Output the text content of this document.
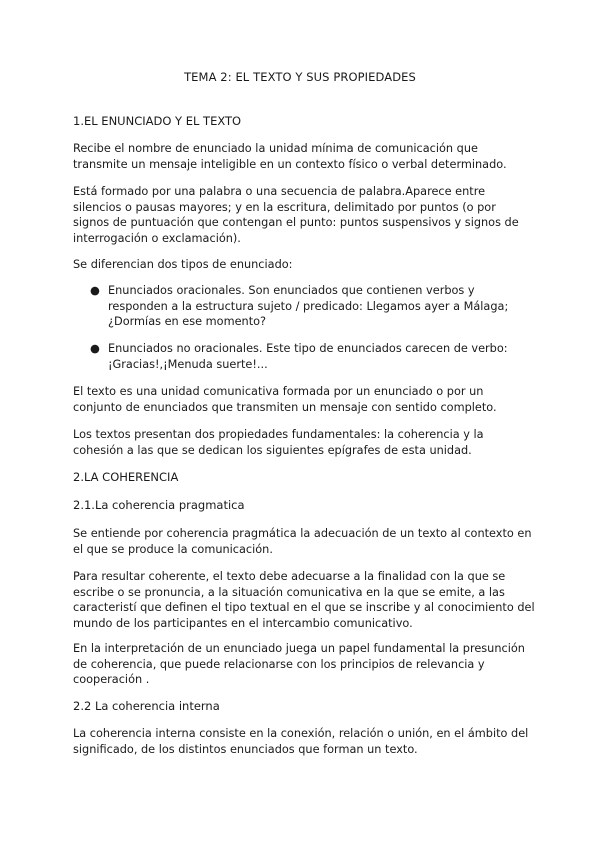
TEMA 2: EL TEXTO Y SUS PROPIEDADES
1.EL ENUNCIADO Y EL TEXTO
Recibe el nombre de enunciado la unidad mínima de comunicación que transmite un mensaje inteligible en un contexto físico o verbal determinado.
Está formado por una palabra o una secuencia de palabra.Aparece entre silencios o pausas mayores; y en la escritura, delimitado por puntos (o por signos de puntuación que contengan el punto: puntos suspensivos y signos de interrogación o exclamación).
Se diferencian dos tipos de enunciado:
● Enunciados oracionales. Son enunciados que contienen verbos y responden a la estructura sujeto / predicado: Llegamos ayer a Málaga; ¿Dormías en ese momento?
● Enunciados no oracionales. Este tipo de enunciados carecen de verbo: ¡Gracias!,¡Menuda suerte!...
El texto es una unidad comunicativa formada por un enunciado o por un conjunto de enunciados que transmiten un mensaje con sentido completo.
Los textos presentan dos propiedades fundamentales: la coherencia y la cohesión a las que se dedican los siguientes epígrafes de esta unidad.
2.LA COHERENCIA
2.1.La coherencia pragmatica
Se entiende por coherencia pragmática la adecuación de un texto al contexto en el que se produce la comunicación.
Para resultar coherente, el texto debe adecuarse a la finalidad con la que se escribe o se pronuncia, a la situación comunicativa en la que se emite, a las caracteristí que definen el tipo textual en el que se inscribe y al conocimiento del mundo de los participantes en el intercambio comunicativo.
En la interpretación de un enunciado juega un papel fundamental la presunción de coherencia, que puede relacionarse con los principios de relevancia y cooperación .
2.2 La coherencia interna
La coherencia interna consiste en la conexión, relación o unión, en el ámbito del significado, de los distintos enunciados que forman un texto.
